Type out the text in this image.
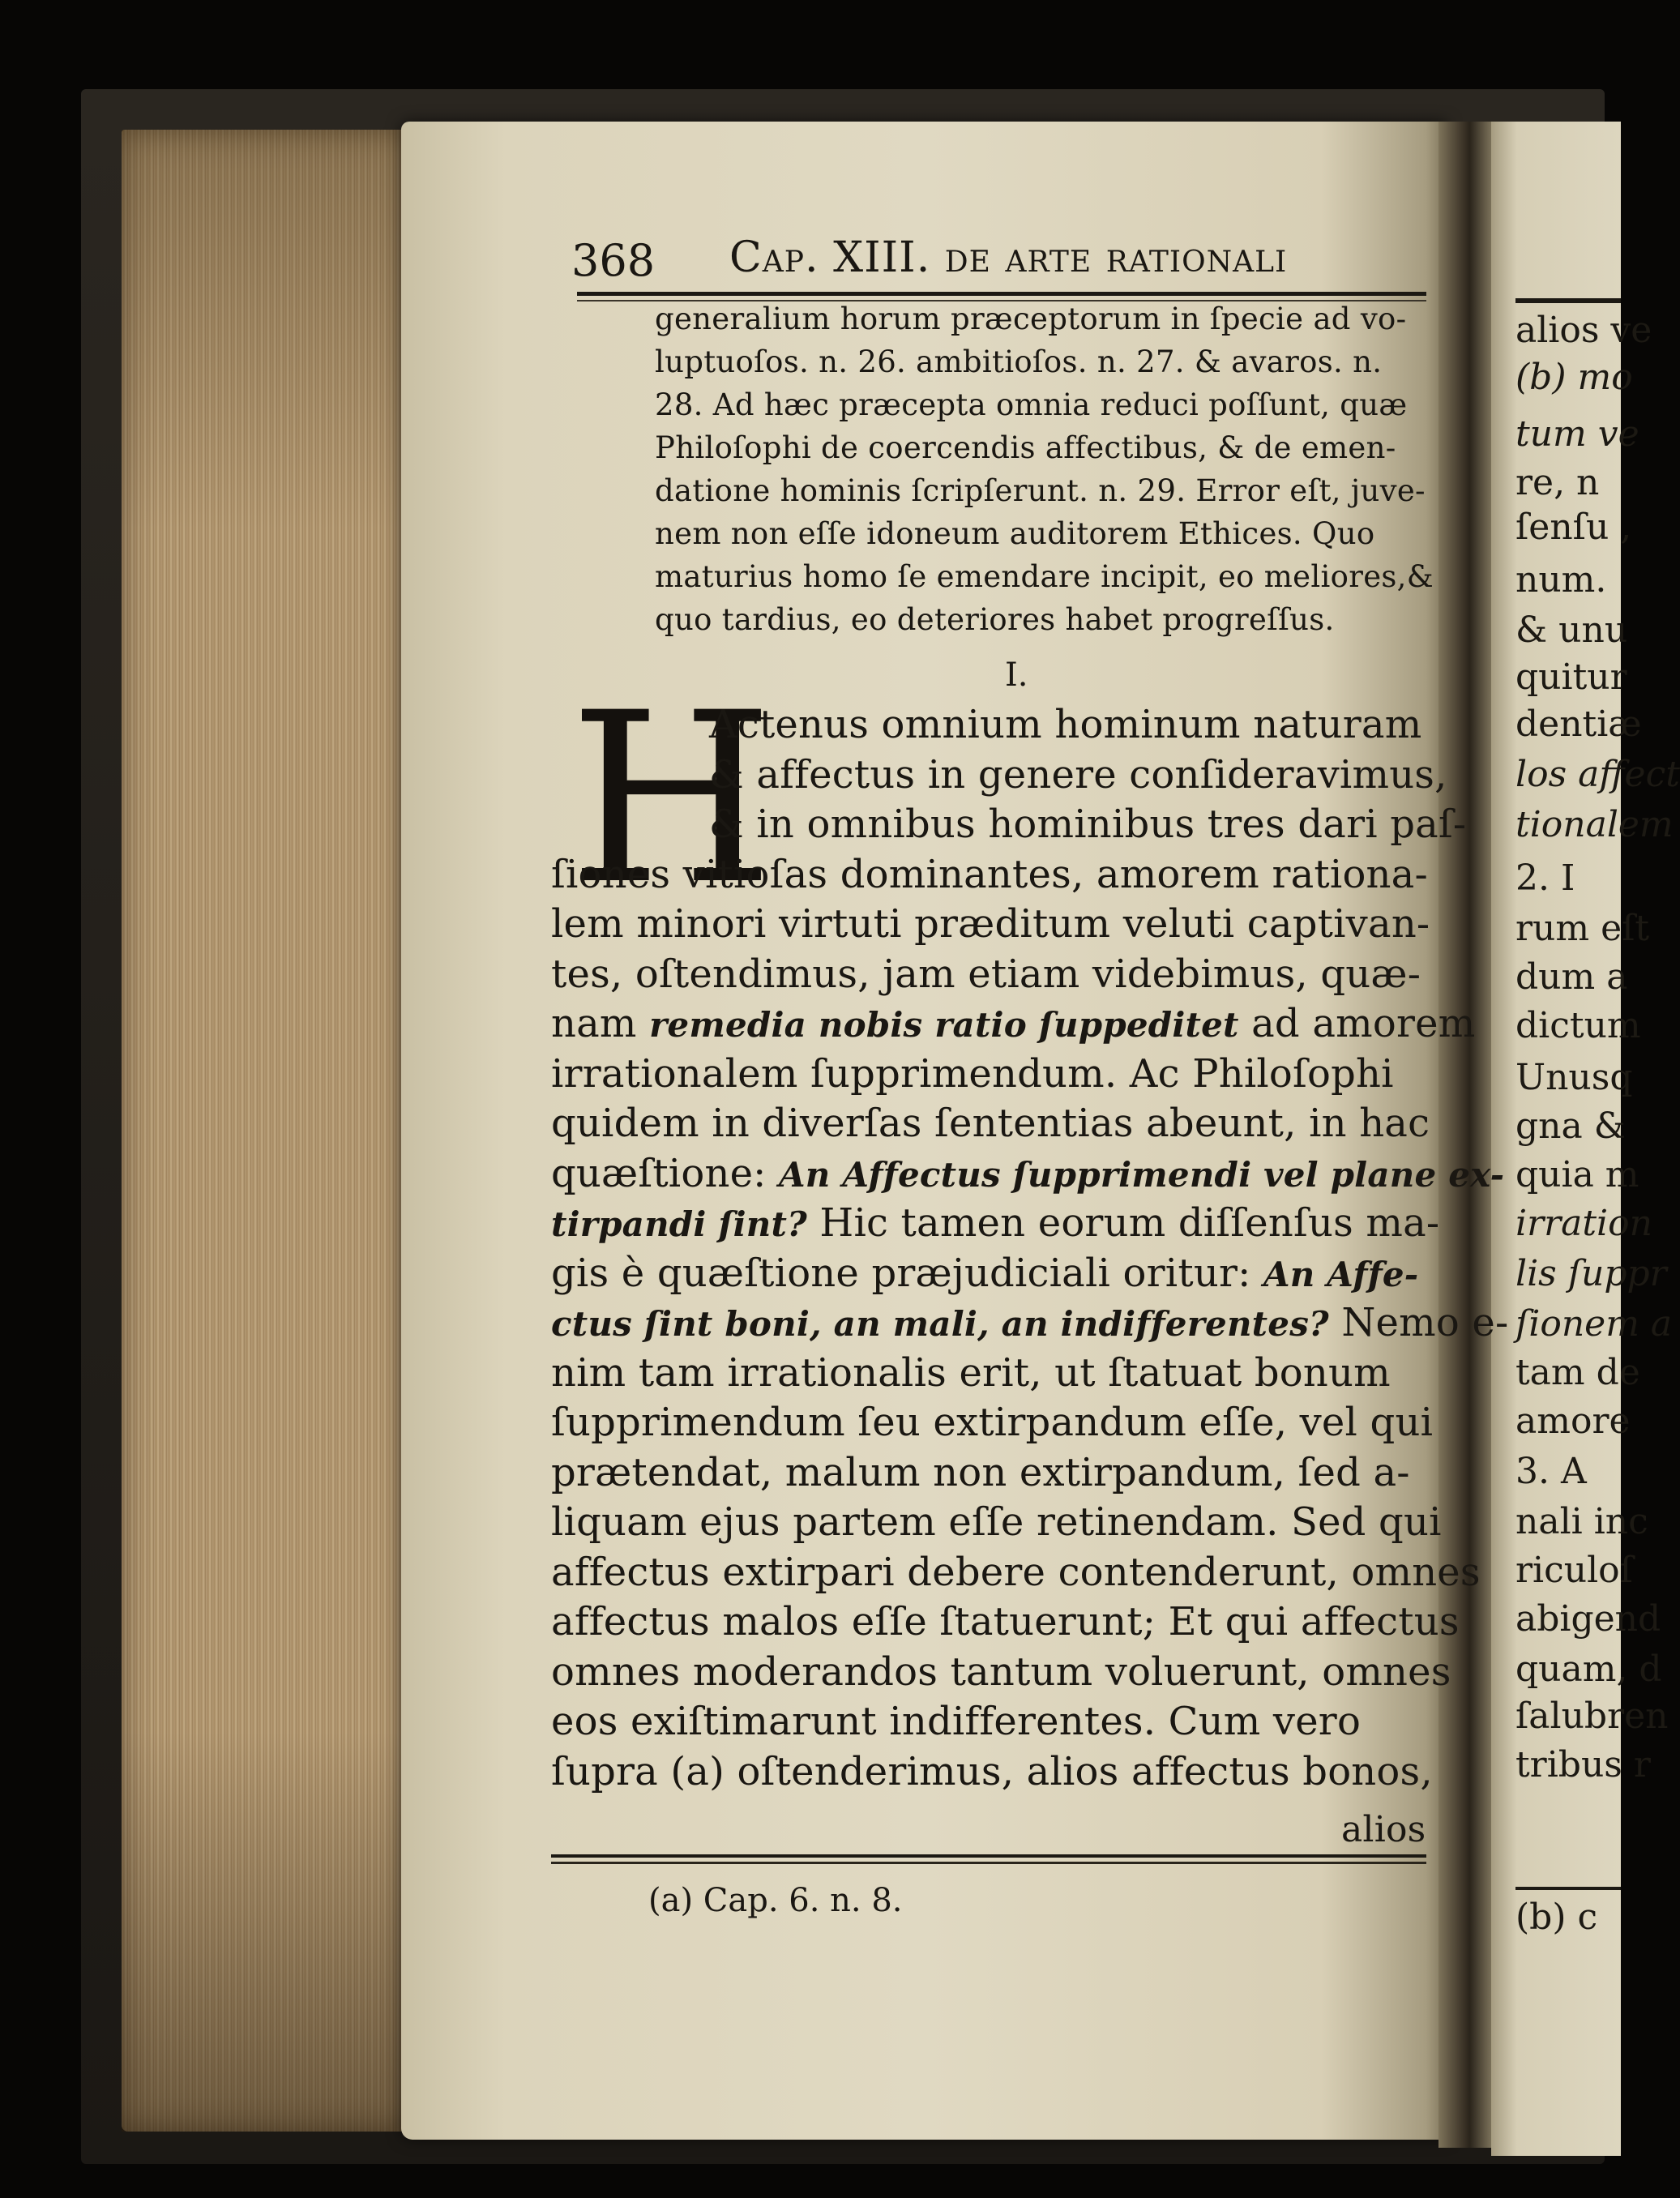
368 Cap. XIII. de arte rationali
generalium horum præceptorum in ſpecie ad vo-
luptuoſos. n. 26. ambitioſos. n. 27. & avaros. n.
28. Ad hæc præcepta omnia reduci poſſunt, quæ
Philoſophi de coercendis affectibus, & de emen-
datione hominis ſcripſerunt. n. 29. Error eſt, juve-
nem non eſſe idoneum auditorem Ethices. Quo
maturius homo ſe emendare incipit, eo meliores,&
quo tardius, eo deteriores habet progreſſus.
I.
H
Actenus omnium hominum naturam
& affectus in genere conſideravimus,
& in omnibus hominibus tres dari paſ-
ſiones vitioſas dominantes, amorem rationa-
lem minori virtuti præditum veluti captivan-
tes, oſtendimus, jam etiam videbimus, quæ-
nam remedia nobis ratio ſuppeditet ad amorem
irrationalem ſupprimendum. Ac Philoſophi
quidem in diverſas ſententias abeunt, in hac
quæſtione: An Affectus ſupprimendi vel plane ex-
tirpandi ſint? Hic tamen eorum diſſenſus ma-
gis è quæſtione præjudiciali oritur: An Affe-
ctus ſint boni, an mali, an indifferentes? Nemo e-
nim tam irrationalis erit, ut ſtatuat bonum
ſupprimendum ſeu extirpandum eſſe, vel qui
prætendat, malum non extirpandum, ſed a-
liquam ejus partem eſſe retinendam. Sed qui
affectus extirpari debere contenderunt, omnes
affectus malos eſſe ſtatuerunt; Et qui affectus
omnes moderandos tantum voluerunt, omnes
eos exiſtimarunt indifferentes. Cum vero
ſupra (a) oſtenderimus, alios affectus bonos,
alios
(a) Cap. 6. n. 8.
alios ve
(b) mo
tum ve
re, n
ſenſu ,
num.
& unu
quitur
dentiæ
los affect
tionalem
2. I
rum eſt
dum a
dictum
Unusq
gna &
quia m
irration
lis ſuppr
ſionem a
tam de
amore
3. A
nali inc
riculoſ
abigend
quam, d
ſalubren
tribus r
(b) c
